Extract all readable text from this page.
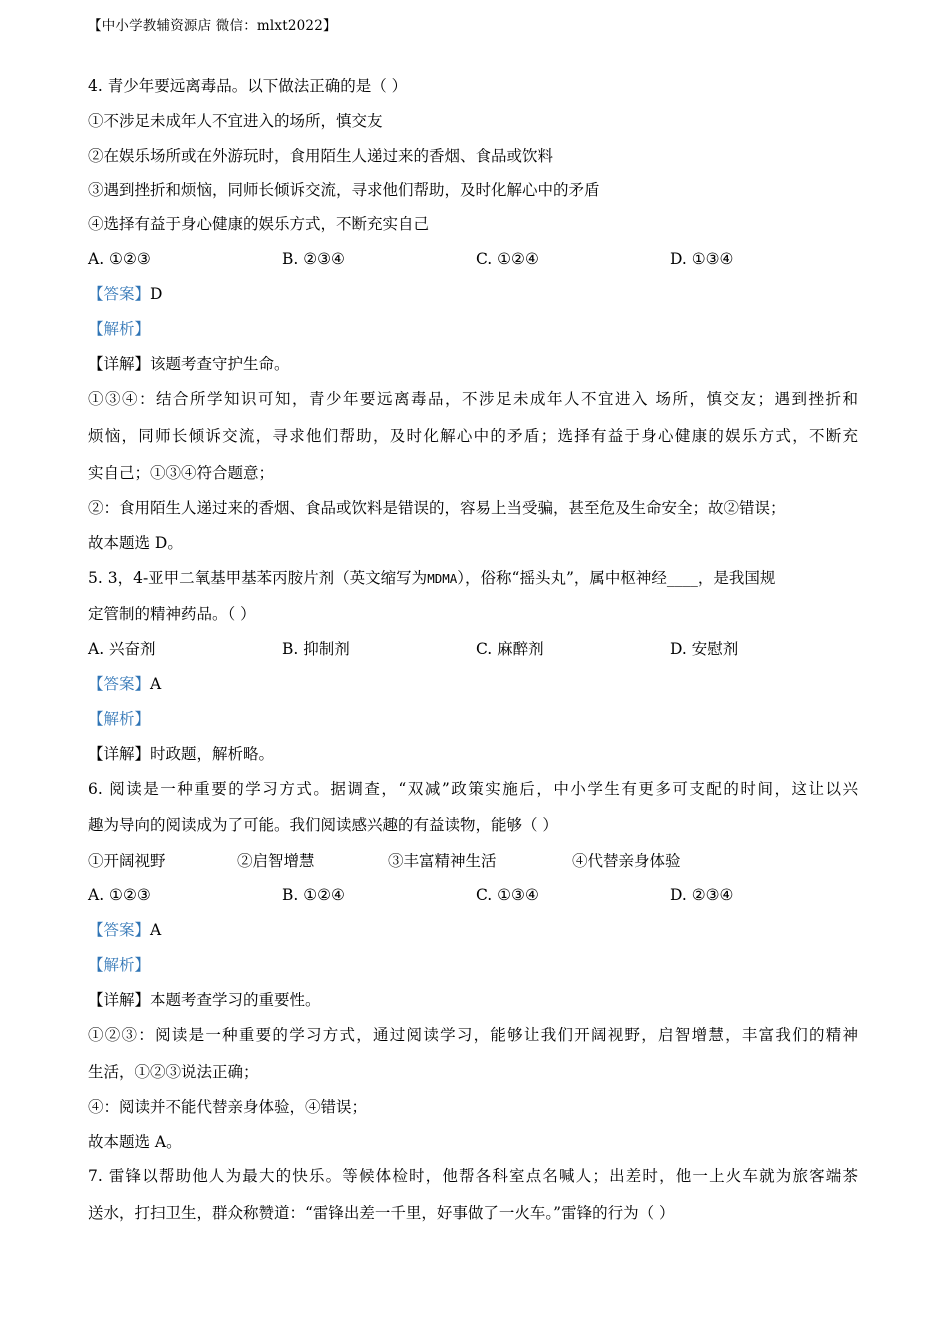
【中小学教辅资源店 微信：mlxt2022】
4. 青少年要远离毒品。以下做法正确的是（ ）
①不涉足未成年人不宜进入的场所，慎交友
②在娱乐场所或在外游玩时，食用陌生人递过来的香烟、食品或饮料
③遇到挫折和烦恼，同师长倾诉交流，寻求他们帮助，及时化解心中的矛盾
④选择有益于身心健康的娱乐方式，不断充实自己
A. ①②③	B. ②③④	C. ①②④	D. ①③④
【答案】D
【解析】
【详解】该题考查守护生命。
①③④：结合所学知识可知，青少年要远离毒品，不涉足未成年人不宜进入 场所，慎交友；遇到挫折和
烦恼，同师长倾诉交流，寻求他们帮助，及时化解心中的矛盾；选择有益于身心健康的娱乐方式，不断充
实自己；①③④符合题意；
②：食用陌生人递过来的香烟、食品或饮料是错误的，容易上当受骗，甚至危及生命安全；故②错误；
故本题选 D。
5. 3，4-亚甲二氧基甲基苯丙胺片剂（英文缩写为MDMA），俗称“摇头丸”，属中枢神经____，是我国规
定管制的精神药品。（ ）
A. 兴奋剂	B. 抑制剂	C. 麻醉剂	D. 安慰剂
【答案】A
【解析】
【详解】时政题，解析略。
6. 阅读是一种重要的学习方式。据调查，“双减”政策实施后，中小学生有更多可支配的时间，这让以兴
趣为导向的阅读成为了可能。我们阅读感兴趣的有益读物，能够（ ）
①开阔视野	②启智增慧	③丰富精神生活	④代替亲身体验
A. ①②③	B. ①②④	C. ①③④	D. ②③④
【答案】A
【解析】
【详解】本题考查学习的重要性。
①②③：阅读是一种重要的学习方式，通过阅读学习，能够让我们开阔视野，启智增慧，丰富我们的精神
生活，①②③说法正确；
④：阅读并不能代替亲身体验，④错误；
故本题选 A。
7. 雷锋以帮助他人为最大的快乐。等候体检时，他帮各科室点名喊人；出差时，他一上火车就为旅客端茶
送水，打扫卫生，群众称赞道：“雷锋出差一千里，好事做了一火车。”雷锋的行为（ ）
